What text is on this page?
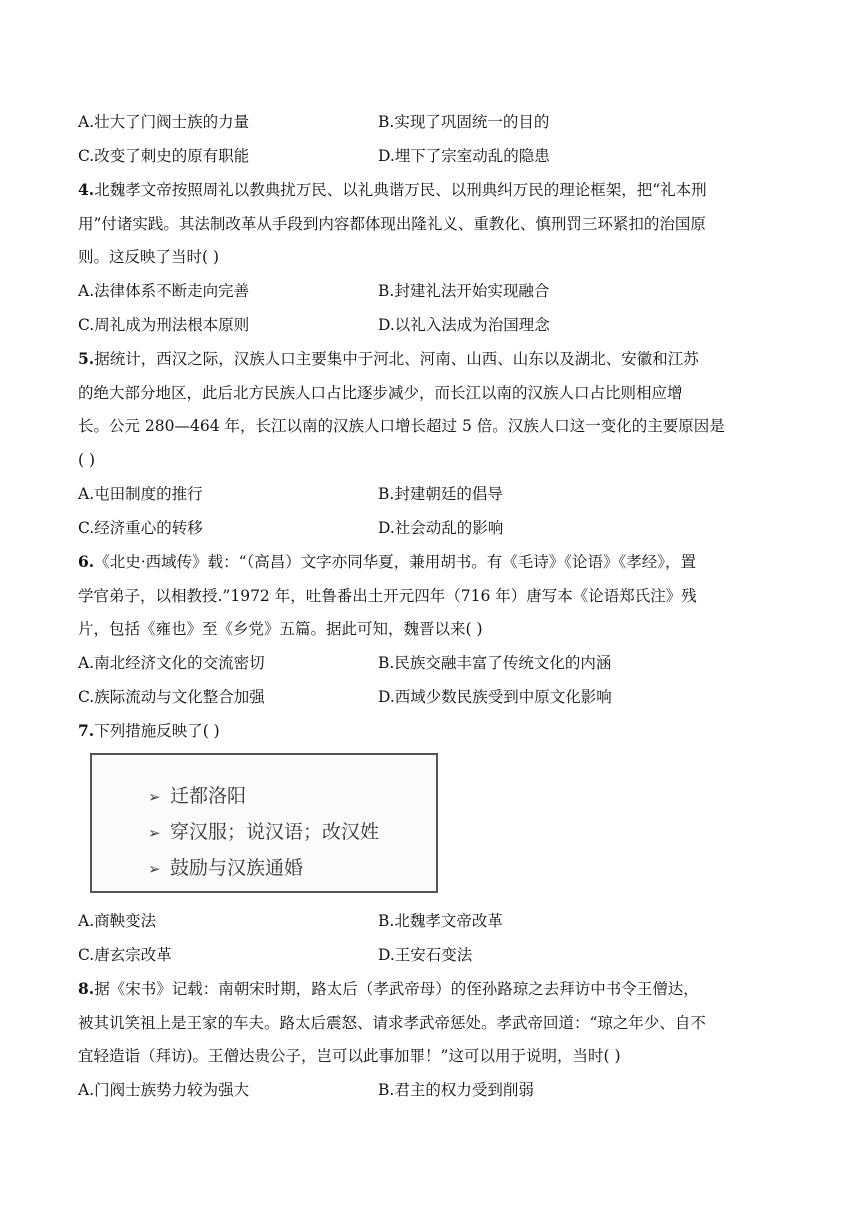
A.壮大了门阀士族的力量	B.实现了巩固统一的目的
C.改变了刺史的原有职能	D.埋下了宗室动乱的隐患
4.北魏孝文帝按照周礼以教典扰万民、以礼典谐万民、以刑典纠万民的理论框架，把“礼本刑
用”付诸实践。其法制改革从手段到内容都体现出隆礼义、重教化、慎刑罚三环紧扣的治国原
则。这反映了当时( )
A.法律体系不断走向完善	B.封建礼法开始实现融合
C.周礼成为刑法根本原则	D.以礼入法成为治国理念
5.据统计，西汉之际，汉族人口主要集中于河北、河南、山西、山东以及湖北、安徽和江苏
的绝大部分地区，此后北方民族人口占比逐步减少，而长江以南的汉族人口占比则相应增
长。公元 280—464 年，长江以南的汉族人口增长超过 5 倍。汉族人口这一变化的主要原因是
( )
A.屯田制度的推行	B.封建朝廷的倡导
C.经济重心的转移	D.社会动乱的影响
6.《北史·西域传》载：“（高昌）文字亦同华夏，兼用胡书。有《毛诗》《论语》《孝经》，置
学官弟子，以相教授.”1972 年，吐鲁番出土开元四年（716 年）唐写本《论语郑氏注》残
片，包括《雍也》至《乡党》五篇。据此可知，魏晋以来( )
A.南北经济文化的交流密切	B.民族交融丰富了传统文化的内涵
C.族际流动与文化整合加强	D.西域少数民族受到中原文化影响
7.下列措施反映了( )
➢ 迁都洛阳
➢ 穿汉服；说汉语；改汉姓
➢ 鼓励与汉族通婚
A.商鞅变法	B.北魏孝文帝改革
C.唐玄宗改革	D.王安石变法
8.据《宋书》记载：南朝宋时期，路太后（孝武帝母）的侄孙路琼之去拜访中书令王僧达，
被其讥笑祖上是王家的车夫。路太后震怒、请求孝武帝惩处。孝武帝回道：“琼之年少、自不
宜轻造诣（拜访)。王僧达贵公子，岂可以此事加罪！”这可以用于说明，当时( )
A.门阀士族势力较为强大	B.君主的权力受到削弱
